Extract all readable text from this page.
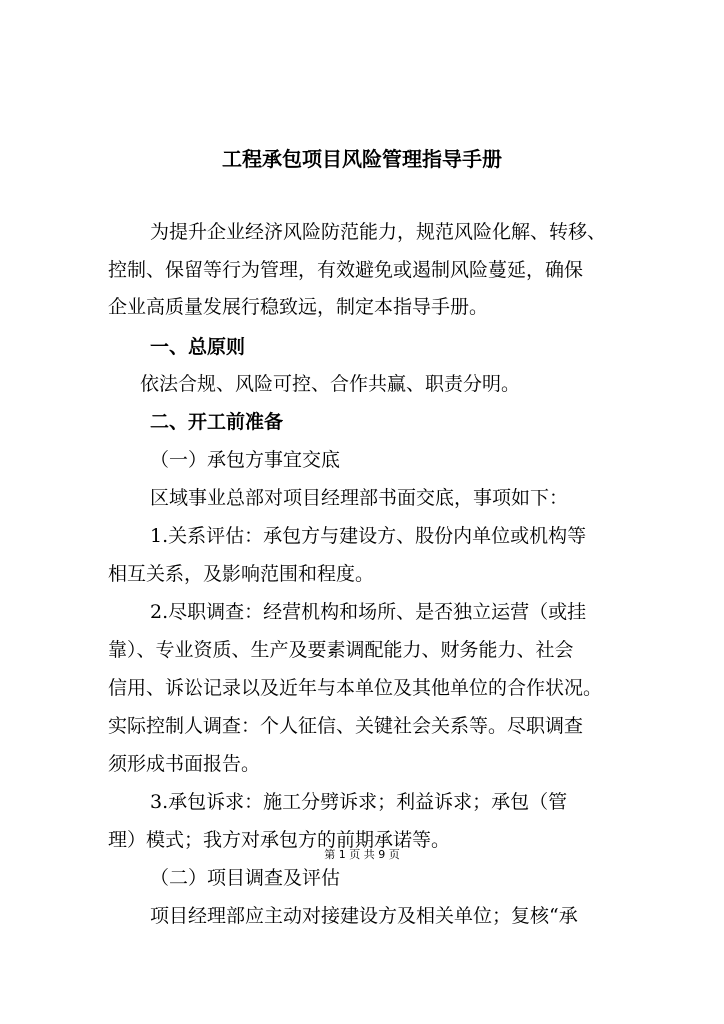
工程承包项目风险管理指导手册
为提升企业经济风险防范能力，规范风险化解、转移、
控制、保留等行为管理，有效避免或遏制风险蔓延，确保
企业高质量发展行稳致远，制定本指导手册。
一、总原则
依法合规、风险可控、合作共赢、职责分明。
二、开工前准备
（一）承包方事宜交底
区域事业总部对项目经理部书面交底，事项如下：
1.关系评估：承包方与建设方、股份内单位或机构等
相互关系，及影响范围和程度。
2.尽职调查：经营机构和场所、是否独立运营（或挂
靠）、专业资质、生产及要素调配能力、财务能力、社会
信用、诉讼记录以及近年与本单位及其他单位的合作状况。
实际控制人调查：个人征信、关键社会关系等。尽职调查
须形成书面报告。
3.承包诉求：施工分劈诉求；利益诉求；承包（管
理）模式；我方对承包方的前期承诺等。
第 1 页 共 9 页
（二）项目调查及评估
项目经理部应主动对接建设方及相关单位；复核“承
